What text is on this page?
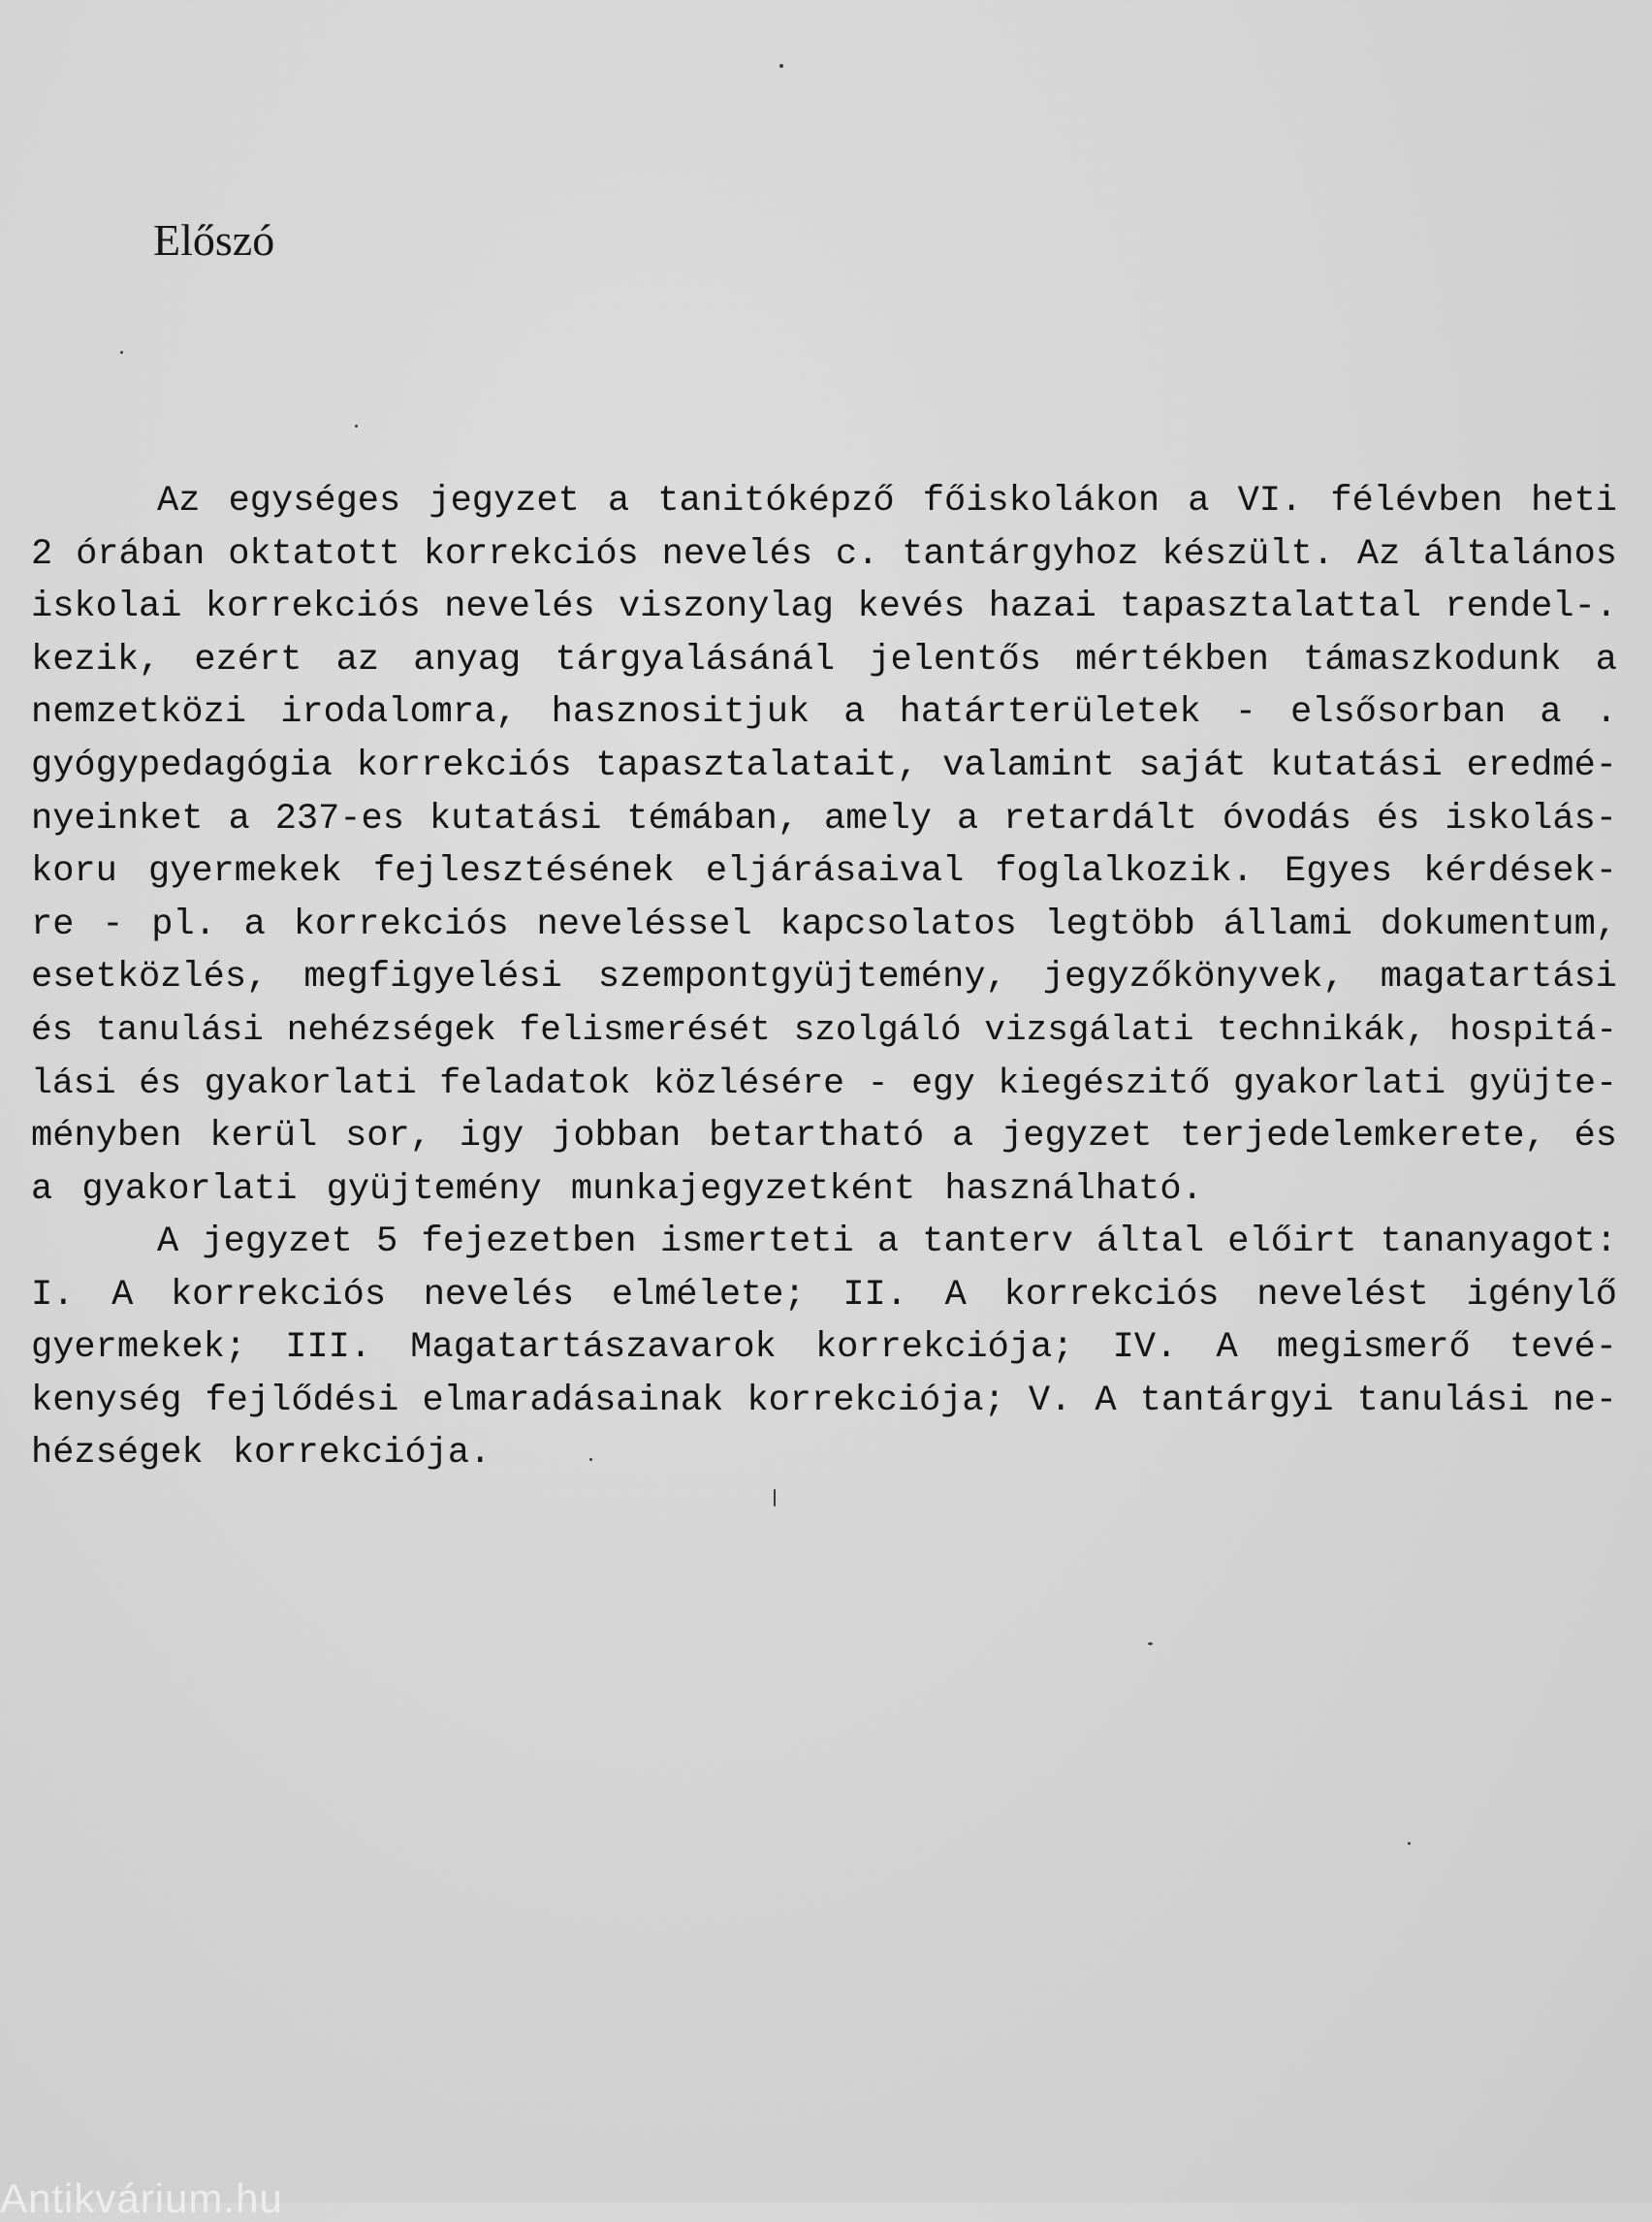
Előszó
Az egységes jegyzet a tanitóképző főiskolákon a VI. félévben heti
2 órában oktatott korrekciós nevelés c. tantárgyhoz készült. Az általános
iskolai korrekciós nevelés viszonylag kevés hazai tapasztalattal rendel-.
kezik, ezért az anyag tárgyalásánál jelentős mértékben támaszkodunk a
nemzetközi irodalomra, hasznositjuk a határterületek - elsősorban a .
gyógypedagógia korrekciós tapasztalatait, valamint saját kutatási eredmé-
nyeinket a 237-es kutatási témában, amely a retardált óvodás és iskolás-
koru gyermekek fejlesztésének eljárásaival foglalkozik. Egyes kérdések-
re - pl. a korrekciós neveléssel kapcsolatos legtöbb állami dokumentum,
esetközlés, megfigyelési szempontgyüjtemény, jegyzőkönyvek, magatartási
és tanulási nehézségek felismerését szolgáló vizsgálati technikák, hospitá-
lási és gyakorlati feladatok közlésére - egy kiegészitő gyakorlati gyüjte-
ményben kerül sor, igy jobban betartható a jegyzet terjedelemkerete, és
a gyakorlati gyüjtemény munkajegyzetként használható.
A jegyzet 5 fejezetben ismerteti a tanterv által előirt tananyagot:
I. A korrekciós nevelés elmélete; II. A korrekciós nevelést igénylő
gyermekek; III. Magatartászavarok korrekciója; IV. A megismerő tevé-
kenység fejlődési elmaradásainak korrekciója; V. A tantárgyi tanulási ne-
hézségek korrekciója.
Antikvárium.hu
